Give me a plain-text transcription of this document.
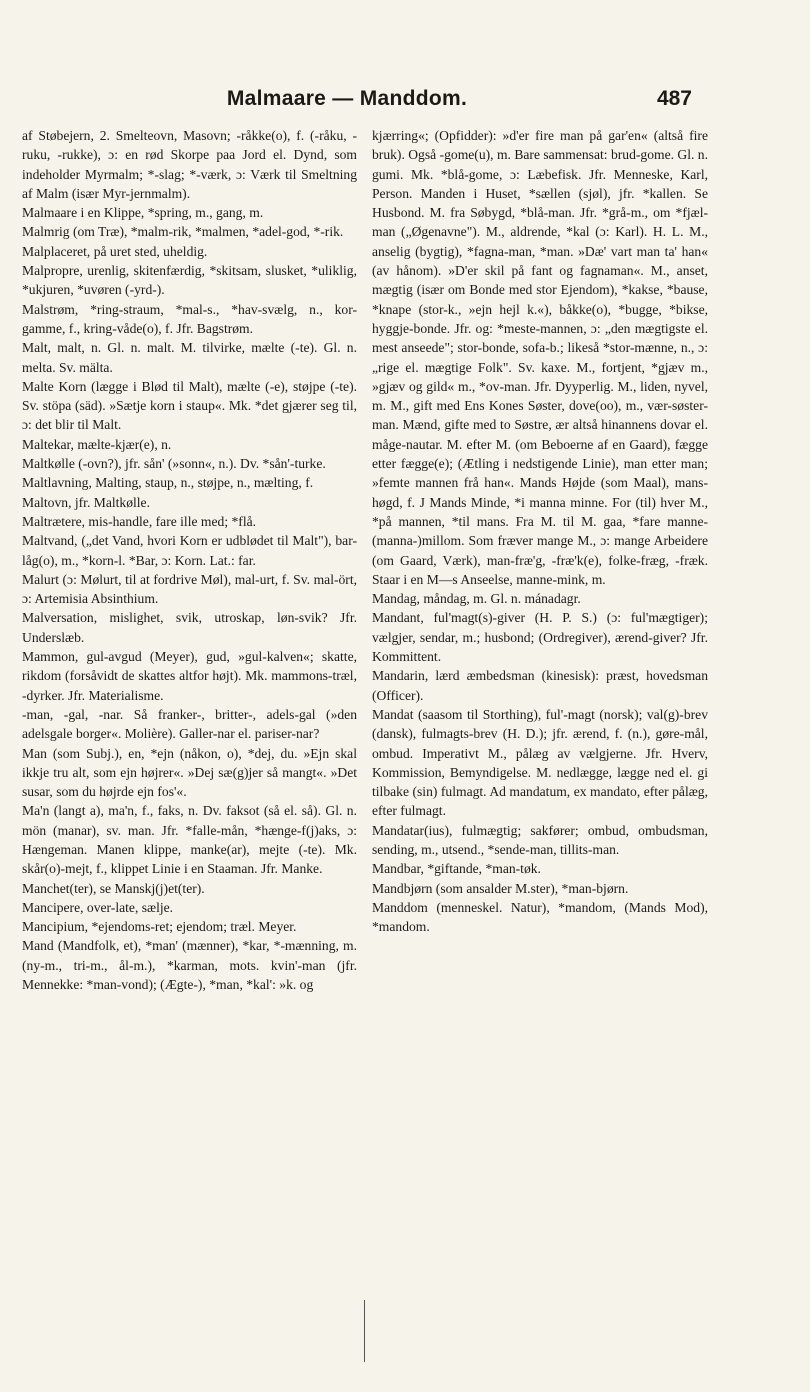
Malmaare — Manddom.	487

af Støbejern, 2. Smelteovn, Masovn; -råkke(o), f. (-råku, -ruku, -rukke), ɔ: en rød Skorpe paa Jord el. Dynd, som indeholder Myrmalm; *-slag; *-værk, ɔ: Værk til Smeltning af Malm (især Myr-jernmalm).

Malmaare i en Klippe, *spring, m., gang, m.

Malmrig (om Træ), *malm-rik, *malmen, *adel-god, *-rik.

Malplaceret, på uret sted, uheldig.

Malpropre, urenlig, skitenfærdig, *skitsam, slusket, *uliklig, *ukjuren, *uvøren (-yrd-).

Malstrøm, *ring-straum, *mal-s., *hav-svælg, n., kor-gamme, f., kring-våde(o), f. Jfr. Bagstrøm.

Malt, malt, n. Gl. n. malt. M. tilvirke, mælte (-te). Gl. n. melta. Sv. mälta.

Malte Korn (lægge i Blød til Malt), mælte (-e), støjpe (-te). Sv. stöpa (säd). »Sætje korn i staup«. Mk. *det gjærer seg til, ɔ: det blir til Malt.

Maltekar, mælte-kjær(e), n.

Maltkølle (-ovn?), jfr. sån' (»sonn«, n.). Dv. *sån'-turke.

Maltlavning, Malting, staup, n., støjpe, n., mælting, f.

Maltovn, jfr. Maltkølle.

Maltrætere, mis-handle, fare ille med; *flå.

Maltvand, („det Vand, hvori Korn er udblødet til Malt"), bar-låg(o), m., *korn-l. *Bar, ɔ: Korn. Lat.: far.

Malurt (ɔ: Mølurt, til at fordrive Møl), mal-urt, f. Sv. mal-ört, ɔ: Artemisia Absinthium.

Malversation, mislighet, svik, utroskap, løn-svik? Jfr. Underslæb.

Mammon, gul-avgud (Meyer), gud, »gul-kalven«; skatte, rikdom (forsåvidt de skattes altfor højt). Mk. mammons-træl, -dyrker. Jfr. Materialisme.

-man, -gal, -nar. Så franker-, britter-, adels-gal (»den adelsgale borger«. Molière). Galler-nar el. pariser-nar?

Man (som Subj.), en, *ejn (nåkon, o), *dej, du. »Ejn skal ikkje tru alt, som ejn højrer«. »Dej sæ(g)jer så mangt«. »Det susar, som du højrde ejn fos'«.

Ma'n (langt a), ma'n, f., faks, n. Dv. faksot (så el. så). Gl. n. mön (manar), sv. man. Jfr. *falle-mån, *hænge-f(j)aks, ɔ: Hængeman. Manen klippe, manke(ar), mejte (-te). Mk. skår(o)-mejt, f., klippet Linie i en Staaman. Jfr. Manke.

Manchet(ter), se Manskj(j)et(ter).

Mancipere, over-late, sælje.

Mancipium, *ejendoms-ret; ejendom; træl. Meyer.

Mand (Mandfolk, et), *man' (mænner), *kar, *-mænning, m. (ny-m., tri-m., ål-m.), *karman, mots. kvin'-man (jfr. Mennekke: *man-vond); (Ægte-), *man, *kal': »k. og

kjærring«; (Opfidder): »d'er fire man på gar'en« (altså fire bruk). Også -gome(u), m. Bare sammensat: brud-gome. Gl. n. gumi. Mk. *blå-gome, ɔ: Læbefisk. Jfr. Menneske, Karl, Person. Manden i Huset, *sællen (sjøl), jfr. *kallen. Se Husbond. M. fra Søbygd, *blå-man. Jfr. *grå-m., om *fjæl-man („Øgenavne"). M., aldrende, *kal (ɔ: Karl). H. L. M., anselig (bygtig), *fagna-man, *man. »Dæ' vart man ta' han« (av hånom). »D'er skil på fant og fagnaman«. M., anset, mægtig (især om Bonde med stor Ejendom), *kakse, *bause, *knape (stor-k., »ejn hejl k.«), båkke(o), *bugge, *bikse, hyggje-bonde. Jfr. og: *meste-mannen, ɔ: „den mægtigste el. mest anseede"; stor-bonde, sofa-b.; likeså *stor-mænne, n., ɔ: „rige el. mægtige Folk". Sv. kaxe. M., fortjent, *gjæv m., »gjæv og gild« m., *ov-man. Jfr. Dyyperlig. M., liden, nyvel, m. M., gift med Ens Kones Søster, dove(oo), m., vær-søster-man. Mænd, gifte med to Søstre, ær altså hinannens dovar el. måge-nautar. M. efter M. (om Beboerne af en Gaard), fægge etter fægge(e); (Ætling i nedstigende Linie), man etter man; »femte mannen frå han«. Mands Højde (som Maal), mans-høgd, f. J Mands Minde, *i manna minne. For (til) hver M., *på mannen, *til mans. Fra M. til M. gaa, *fare manne- (manna-)millom. Som fræver mange M., ɔ: mange Arbeidere (om Gaard, Værk), man-fræ'g, -fræ'k(e), folke-fræg, -fræk. Staar i en M—s Anseelse, manne-mink, m.

Mandag, måndag, m. Gl. n. mánadagr.

Mandant, ful'magt(s)-giver (H. P. S.) (ɔ: ful'mægtiger); vælgjer, sendar, m.; husbond; (Ordregiver), ærend-giver? Jfr. Kommittent.

Mandarin, lærd æmbedsman (kinesisk): præst, hovedsman (Officer).

Mandat (saasom til Storthing), ful'-magt (norsk); val(g)-brev (dansk), fulmagts-brev (H. D.); jfr. ærend, f. (n.), gøre-mål, ombud. Imperativt M., pålæg av vælgjerne. Jfr. Hverv, Kommission, Bemyndigelse. M. nedlægge, lægge ned el. gi tilbake (sin) fulmagt. Ad mandatum, ex mandato, efter pålæg, efter fulmagt.

Mandatar(ius), fulmægtig; sakfører; ombud, ombudsman, sending, m., utsend., *sende-man, tillits-man.

Mandbar, *giftande, *man-tøk.

Mandbjørn (som ansalder M.ster), *man-bjørn.

Manddom (menneskel. Natur), *mandom, (Mands Mod), *mandom.
